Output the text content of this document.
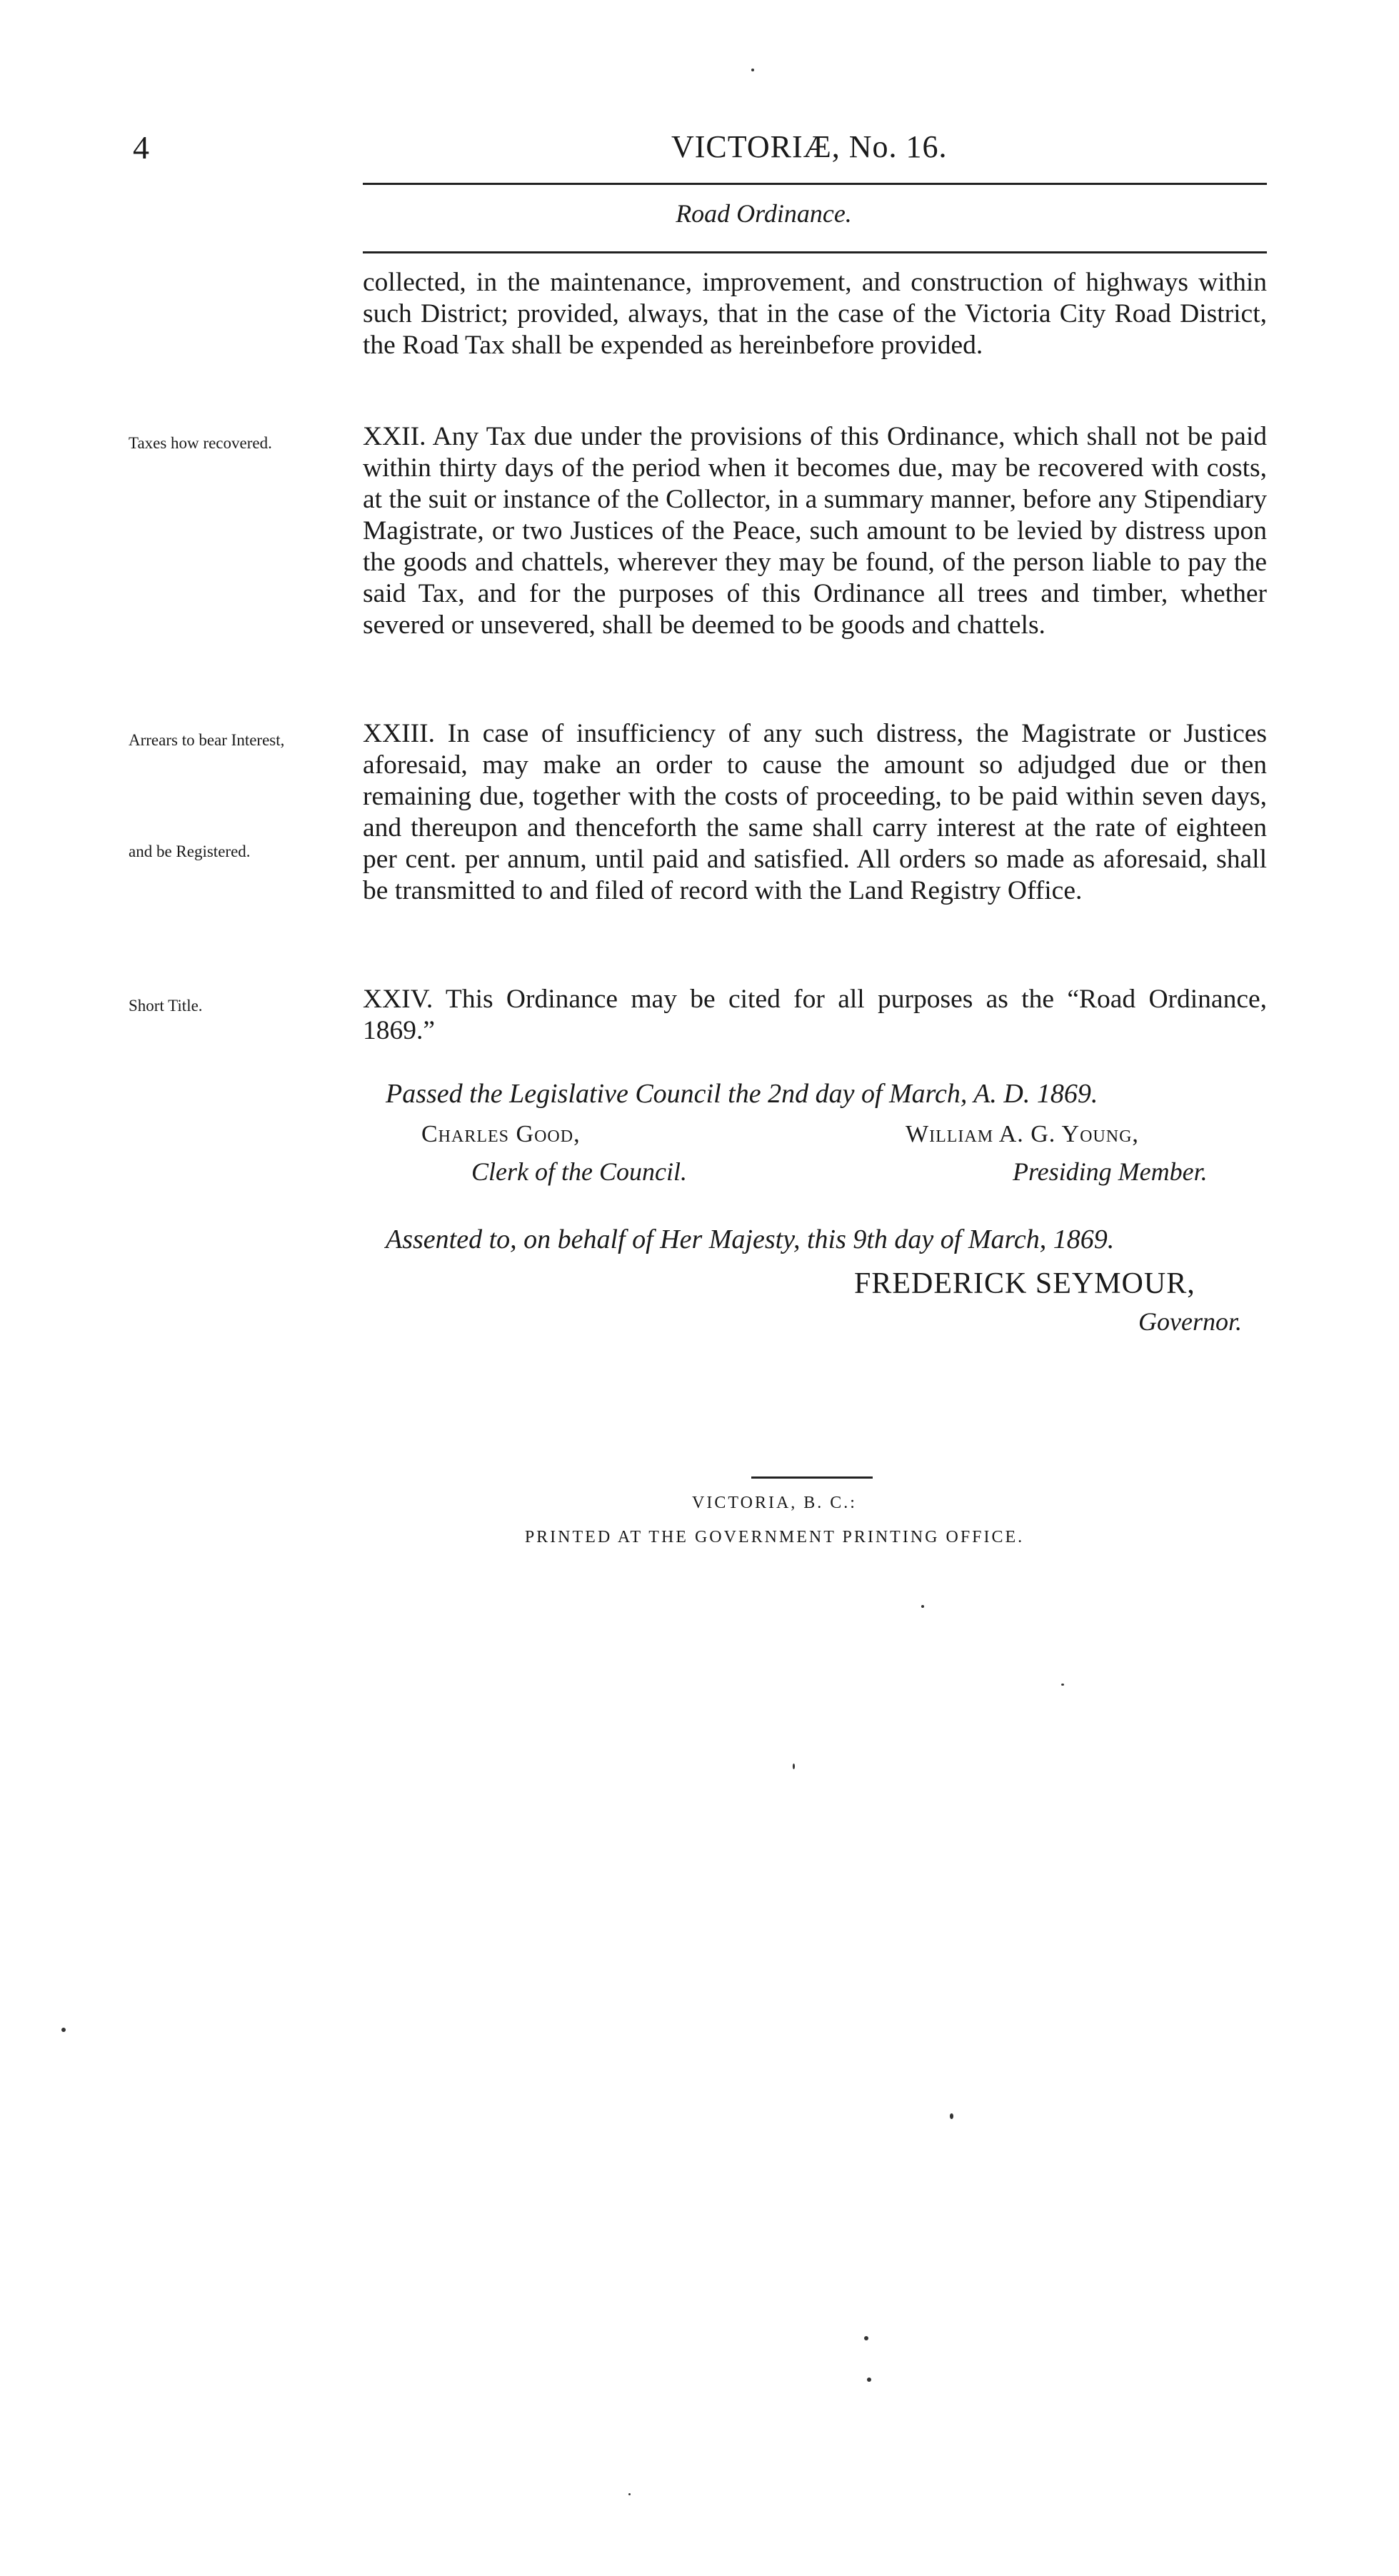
4	VICTORIÆ, No. 16.
Road Ordinance.
collected, in the maintenance, improvement, and construction of highways within such District; provided, always, that in the case of the Victoria City Road District, the Road Tax shall be expended as hereinbefore provided.
Taxes how recovered.	XXII. Any Tax due under the provisions of this Ordinance, which shall not be paid within thirty days of the period when it becomes due, may be recovered with costs, at the suit or instance of the Collector, in a summary manner, before any Stipendiary Magistrate, or two Justices of the Peace, such amount to be levied by distress upon the goods and chattels, wherever they may be found, of the person liable to pay the said Tax, and for the purposes of this Ordinance all trees and timber, whether severed or unsevered, shall be deemed to be goods and chattels.
Arrears to bear Interest,
and be Registered.
XXIII. In case of insufficiency of any such distress, the Magistrate or Justices aforesaid, may make an order to cause the amount so adjudged due or then remaining due, together with the costs of proceeding, to be paid within seven days, and thereupon and thenceforth the same shall carry interest at the rate of eighteen per cent. per annum, until paid and satisfied. All orders so made as aforesaid, shall be transmitted to and filed of record with the Land Registry Office.
Short Title.	XXIV. This Ordinance may be cited for all purposes as the “Road Ordinance, 1869.”
Passed the Legislative Council the 2nd day of March, A. D. 1869.
Charles Good,
Clerk of the Council.
William A. G. Young,
Presiding Member.
Assented to, on behalf of Her Majesty, this 9th day of March, 1869.
FREDERICK SEYMOUR,
Governor.
VICTORIA, B. C.:
PRINTED AT THE GOVERNMENT PRINTING OFFICE.
